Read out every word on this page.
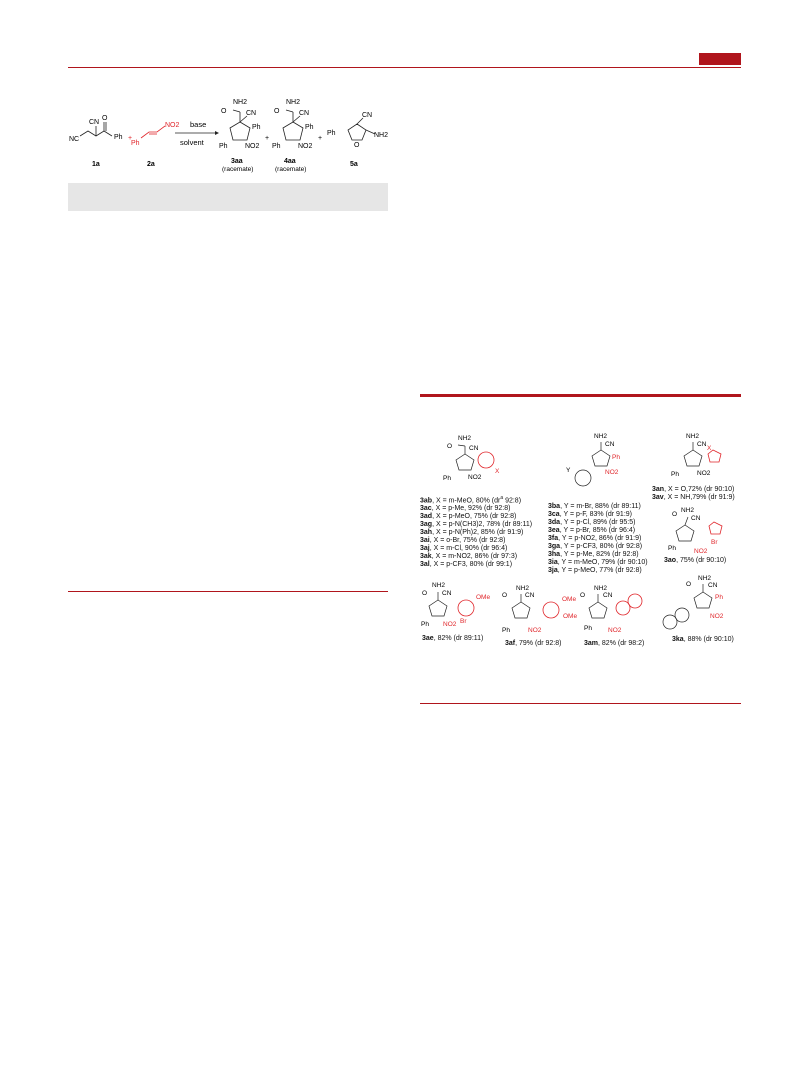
CN
O
NC	Ph
1a
+
Ph
NO2
2a
base
solvent
NH2
O	CN
Ph
Ph NO2
3aa
(racemate)
+
NH2
O	CN
Ph
Ph NO2
4aa
(racemate)
+
Ph
CN
O
NH2
5a
NH2
O	CN
Ph	NO2
X
NH2
CN
Ph
NO2
Y
NH2
CN
Ph	NO2
X
NH2
O
CN
Ph	NO2
Br
NH2
O CN
Ph NO2 Br
OMe
NH2
O	CN
Ph	NO2
OMe
OMe
NH2
O	CN
Ph NO2
NH2
O	CN
Ph
NO2
3ab, X = m-MeO, 80% ($dr^a$ 92:8)
3ac, X = p-Me, 92% (dr 92:8)
3ad, X = p-MeO, 75% (dr 92:8)
3ag, X = p-N(CH3)2, 78% (dr 89:11)
3ah, X = p-N(Ph)2, 85% (dr 91:9)
3ai, X = o-Br, 75% (dr 92:8)
3aj, X = m-Cl, 90% (dr 96:4)
3ak, X = m-NO2, 86% (dr 97:3)
3al, X = p-CF3, 80% (dr 99:1)
3ba, Y = m-Br, 88% (dr 89:11)
3ca, Y = p-F, 83% (dr 91:9)
3da, Y = p-Cl, 89% (dr 95:5)
3ea, Y = p-Br, 85% (dr 96:4)
3fa, Y = p-NO2, 86% (dr 91:9)
3ga, Y = p-CF3, 80% (dr 92:8)
3ha, Y = p-Me, 82% (dr 92:8)
3ia, Y = m-MeO, 79% (dr 90:10)
3ja, Y = p-MeO, 77% (dr 92:8)
3an, X = O,72% (dr 90:10)
3av, X = NH,79% (dr 91:9)
3ao, 75% (dr 90:10)
3ae, 82% (dr 89:11)
3af, 79% (dr 92:8)	3am, 82% (dr 98:2)
3ka, 88% (dr 90:10)
